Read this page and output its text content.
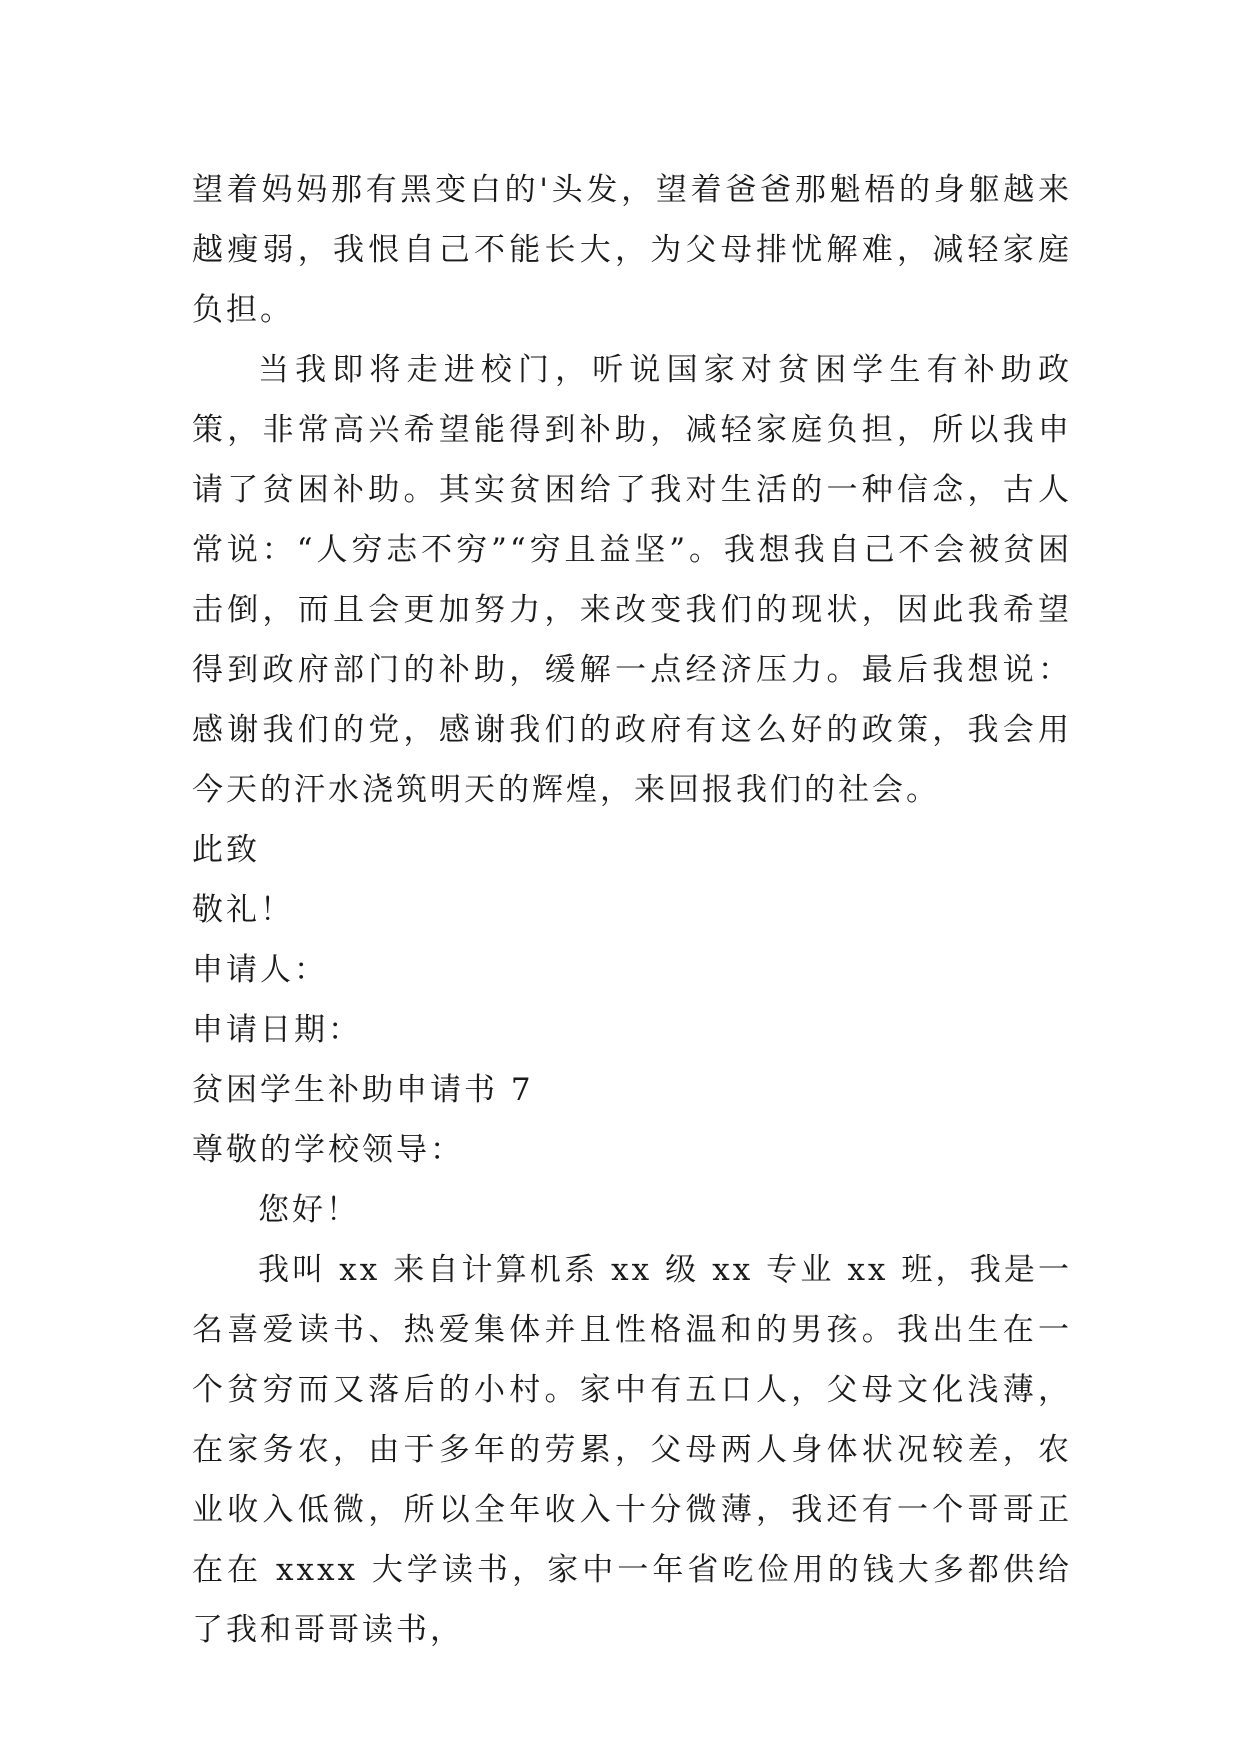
望着妈妈那有黑变白的'头发，望着爸爸那魁梧的身躯越来越瘦弱，我恨自己不能长大，为父母排忧解难，减轻家庭负担。

当我即将走进校门，听说国家对贫困学生有补助政策，非常高兴希望能得到补助，减轻家庭负担，所以我申请了贫困补助。其实贫困给了我对生活的一种信念，古人常说：“人穷志不穷”“穷且益坚”。我想我自己不会被贫困击倒，而且会更加努力，来改变我们的现状，因此我希望得到政府部门的补助，缓解一点经济压力。最后我想说：感谢我们的党，感谢我们的政府有这么好的政策，我会用今天的汗水浇筑明天的辉煌，来回报我们的社会。

此致

敬礼！

申请人：

申请日期：

贫困学生补助申请书 7

尊敬的学校领导：

您好！

我叫 xx 来自计算机系 xx 级 xx 专业 xx 班，我是一名喜爱读书、热爱集体并且性格温和的男孩。我出生在一个贫穷而又落后的小村。家中有五口人，父母文化浅薄，在家务农，由于多年的劳累，父母两人身体状况较差，农业收入低微，所以全年收入十分微薄，我还有一个哥哥正在在 xxxx 大学读书，家中一年省吃俭用的钱大多都供给了我和哥哥读书，
